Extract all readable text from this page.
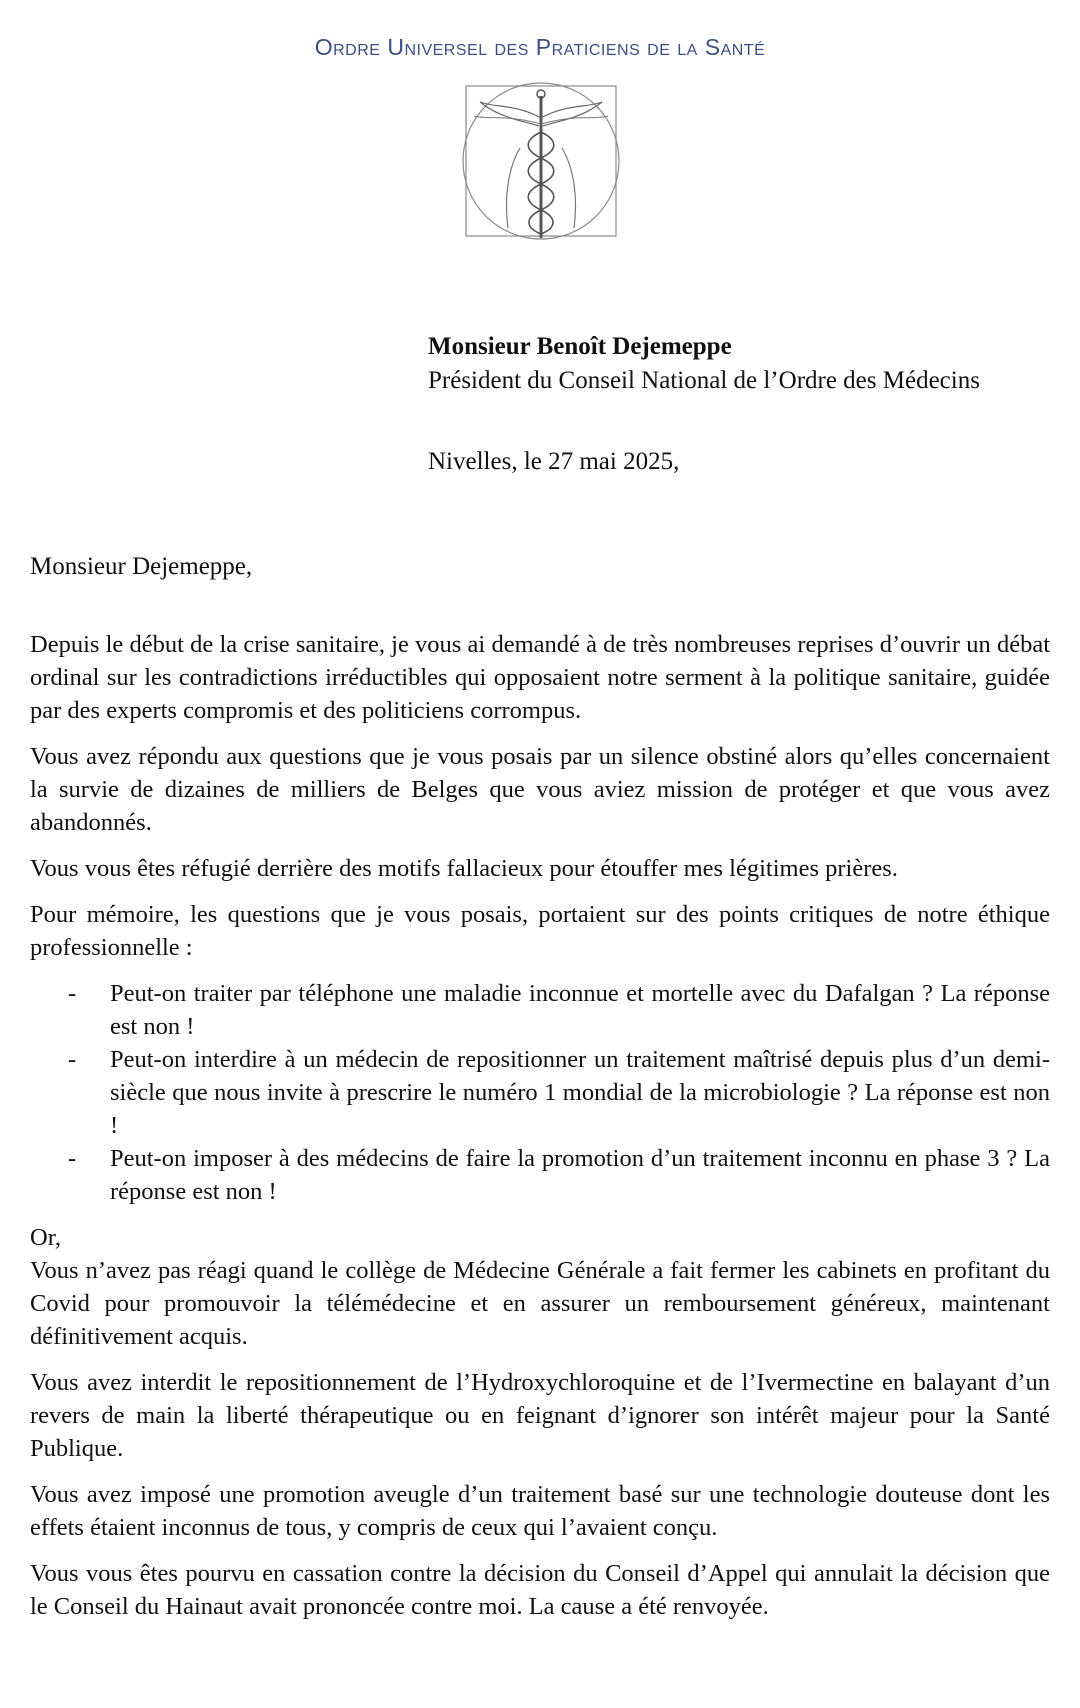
Ordre Universel des Praticiens de la Santé
Monsieur Benoît Dejemeppe
Président du Conseil National de l’Ordre des Médecins
Nivelles, le 27 mai 2025,
Monsieur Dejemeppe,

Depuis le début de la crise sanitaire, je vous ai demandé à de très nombreuses reprises d’ouvrir un débat ordinal sur les contradictions irréductibles qui opposaient notre serment à la politique sanitaire, guidée par des experts compromis et des politiciens corrompus.

Vous avez répondu aux questions que je vous posais par un silence obstiné alors qu’elles concernaient la survie de dizaines de milliers de Belges que vous aviez mission de protéger et que vous avez abandonnés.

Vous vous êtes réfugié derrière des motifs fallacieux pour étouffer mes légitimes prières.

Pour mémoire, les questions que je vous posais, portaient sur des points critiques de notre éthique professionnelle :

- Peut-on traiter par téléphone une maladie inconnue et mortelle avec du Dafalgan ? La réponse est non !
- Peut-on interdire à un médecin de repositionner un traitement maîtrisé depuis plus d’un demi-siècle que nous invite à prescrire le numéro 1 mondial de la microbiologie ? La réponse est non !
- Peut-on imposer à des médecins de faire la promotion d’un traitement inconnu en phase 3 ? La réponse est non !

Or,

Vous n’avez pas réagi quand le collège de Médecine Générale a fait fermer les cabinets en profitant du Covid pour promouvoir la télémédecine et en assurer un remboursement généreux, maintenant définitivement acquis.

Vous avez interdit le repositionnement de l’Hydroxychloroquine et de l’Ivermectine en balayant d’un revers de main la liberté thérapeutique ou en feignant d’ignorer son intérêt majeur pour la Santé Publique.

Vous avez imposé une promotion aveugle d’un traitement basé sur une technologie douteuse dont les effets étaient inconnus de tous, y compris de ceux qui l’avaient conçu.

Vous vous êtes pourvu en cassation contre la décision du Conseil d’Appel qui annulait la décision que le Conseil du Hainaut avait prononcée contre moi. La cause a été renvoyée.
